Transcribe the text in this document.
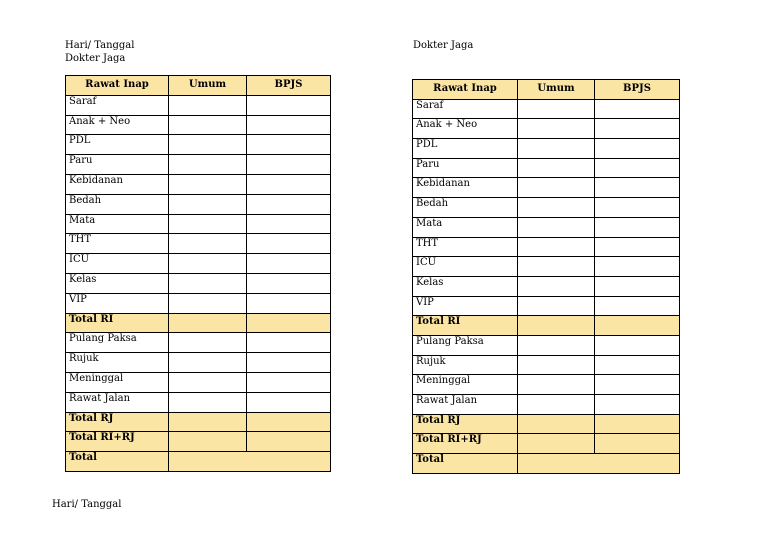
Hari/ Tanggal
Dokter Jaga
Dokter Jaga
Hari/ Tanggal
Rawat Inap	Umum	BPJS
Saraf		
Anak + Neo		
PDL		
Paru		
Kebidanan		
Bedah		
Mata		
THT		
ICU		
Kelas		
VIP		
Total RI		
Pulang Paksa		
Rujuk		
Meninggal		
Rawat Jalan		
Total RJ		
Total RI+RJ		
Total		
Rawat Inap	Umum	BPJS
Saraf		
Anak + Neo		
PDL		
Paru		
Kebidanan		
Bedah		
Mata		
THT		
ICU		
Kelas		
VIP		
Total RI		
Pulang Paksa		
Rujuk		
Meninggal		
Rawat Jalan		
Total RJ		
Total RI+RJ		
Total		
